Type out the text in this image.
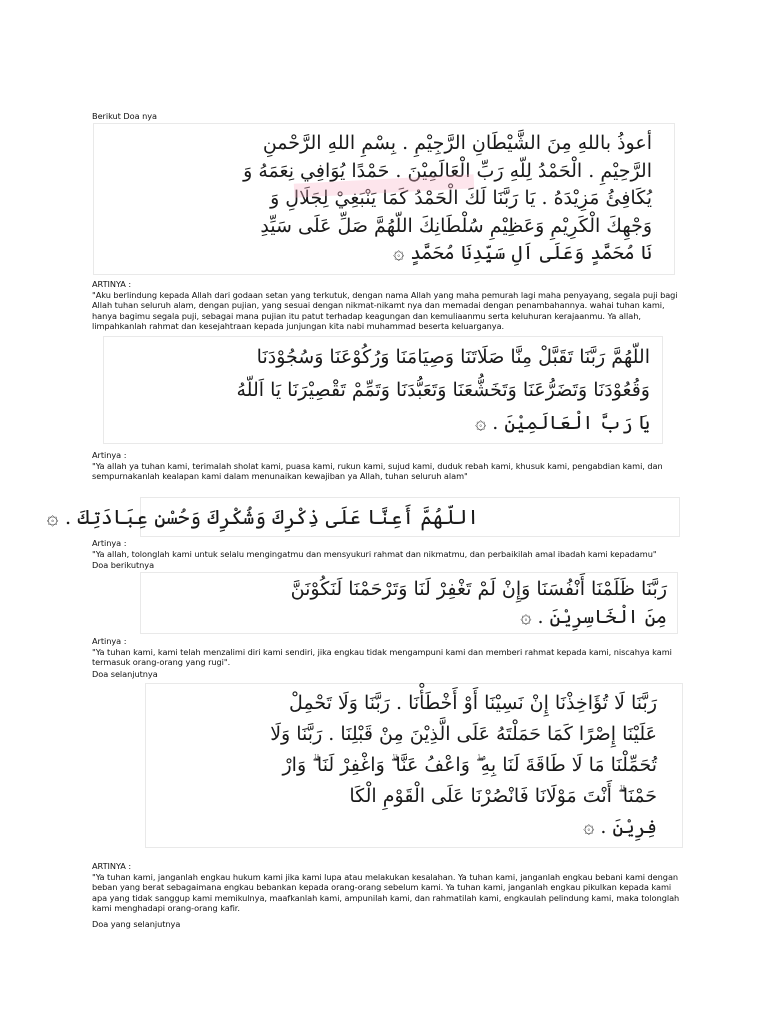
Berikut Doa nya
أعوذُ باللهِ مِنَ الشَّيْطَانِ الرَّجِيْمِ . بِسْمِ اللهِ الرَّحْمنِ
الرَّحِيْمِ . الْحَمْدُ لِلّهِ رَبِّ الْعَالَمِيْنَ . حَمْدًا يُوَافِي نِعَمَهُ وَ
يُكَافِئُ مَزِيْدَهُ . يَا رَبَّنَا لَكَ الْحَمْدُ كَمَا يَنْبَغِيْ لِجَلَالِ وَ
وَجْهِكَ الْكَرِيْمِ وَعَظِيْمِ سُلْطَانِكَ اللّهُمَّ صَلِّ عَلَى سَيِّدِ
نَا مُحَمَّدٍ وَعَلَى اَلِ سَيِّدِنَا مُحَمَّدٍ ۞
ARTINYA :
"Aku berlindung kepada Allah dari godaan setan yang terkutuk, dengan nama Allah yang maha pemurah lagi maha penyayang, segala puji bagi Allah tuhan seluruh alam, dengan pujian, yang sesuai dengan nikmat-nikamt nya dan memadai dengan penambahannya. wahai tuhan kami, hanya bagimu segala puji, sebagai mana pujian itu patut terhadap keagungan dan kemuliaanmu serta keluhuran kerajaanmu. Ya allah, limpahkanlah rahmat dan kesejahtraan kepada junjungan kita nabi muhammad beserta keluarganya.
اللّهُمَّ رَبَّنَا تَقَبَّلْ مِنَّا صَلَاتَنَا وَصِيَامَنَا وَرُكُوْعَنَا وَسُجُوْدَنَا
وَقُعُوْدَنَا وَتَضَرُّعَنَا وَتَخَشُّعَنَا وَتَعَبُّدَنَا وَتَمِّمْ تَقْصِيْرَنَا يَا اَللّهُ
يَا رَبَّ الْعَالَمِيْنَ . ۞
Artinya :
"Ya allah ya tuhan kami, terimalah sholat kami, puasa kami, rukun kami, sujud kami, duduk rebah kami, khusuk kami, pengabdian kami, dan sempurnakanlah kealapan kami dalam menunaikan kewajiban ya Allah, tuhan seluruh alam"
اللّهُمَّ أَعِنَّا عَلَى ذِكْرِكَ وَشُكْرِكَ وَحُسْنِ عِبَادَتِكَ . ۞
Artinya :
"Ya allah, tolonglah kami untuk selalu mengingatmu dan mensyukuri rahmat dan nikmatmu, dan perbaikilah amal ibadah kami kepadamu"
Doa berikutnya
رَبَّنَا ظَلَمْنَا أَنْفُسَنَا وَإِنْ لَمْ تَغْفِرْ لَنَا وَتَرْحَمْنَا لَنَكُوْنَنَّ
مِنَ الْخَاسِرِيْنَ . ۞
Artinya :
"Ya tuhan kami, kami telah menzalimi diri kami sendiri, jika engkau tidak mengampuni kami dan memberi rahmat kepada kami, niscahya kami termasuk orang-orang yang rugi".
Doa selanjutnya
رَبَّنَا لَا تُؤَاخِذْنَا إِنْ نَسِيْنَا أَوْ أَخْطَأْنَا . رَبَّنَا وَلَا تَحْمِلْ
عَلَيْنَا إِصْرًا كَمَا حَمَلْتَهُ عَلَى الَّذِيْنَ مِنْ قَبْلِنَا . رَبَّنَا وَلَا
تُحَمِّلْنَا مَا لَا طَاقَةَ لَنَا بِهِ ۖ وَاعْفُ عَنَّا ۗ وَاغْفِرْ لَنَا ۗ وَارْ
حَمْنَا ۗ أَنْتَ مَوْلَانَا فَانْصُرْنَا عَلَى الْقَوْمِ الْكَا
فِرِيْنَ . ۞
ARTINYA :
"Ya tuhan kami, janganlah engkau hukum kami jika kami lupa atau melakukan kesalahan. Ya tuhan kami, janganlah engkau bebani kami dengan beban yang berat sebagaimana engkau bebankan kepada orang-orang sebelum kami. Ya tuhan kami, janganlah engkau pikulkan kepada kami apa yang tidak sanggup kami memikulnya, maafkanlah kami, ampunilah kami, dan rahmatilah kami, engkaulah pelindung kami, maka tolonglah kami menghadapi orang-orang kafir.
Doa yang selanjutnya
